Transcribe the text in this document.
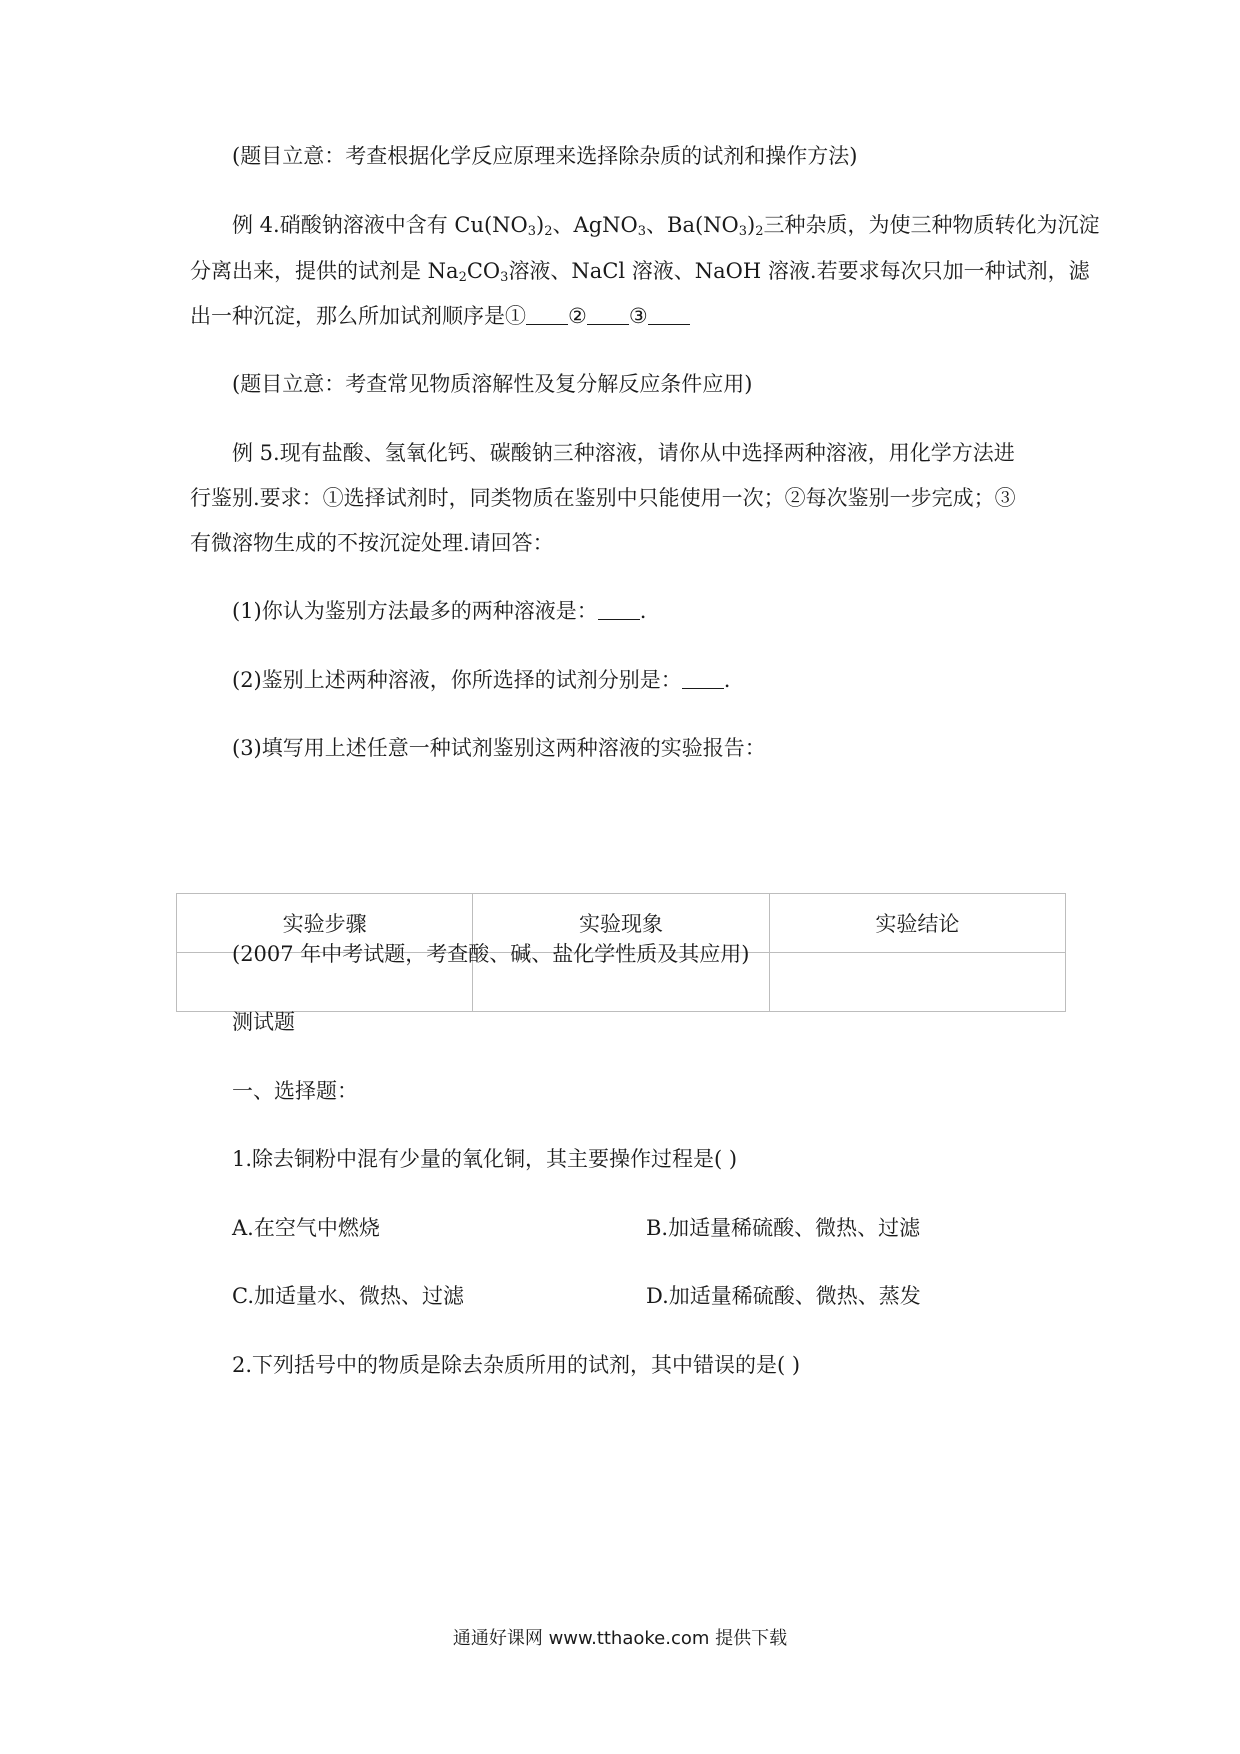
(题目立意：考查根据化学反应原理来选择除杂质的试剂和操作方法)

例 4.硝酸钠溶液中含有 $Cu(NO_3)_2$、AgNO$_3$、$Ba(NO_3)_2$三种杂质，为使三种物质转化为沉淀

分离出来，提供的试剂是 $Na_2CO_3$溶液、NaCl 溶液、NaOH 溶液.若要求每次只加一种试剂，滤

出一种沉淀，那么所加试剂顺序是① ② ③

(题目立意：考查常见物质溶解性及复分解反应条件应用)

例 5.现有盐酸、氢氧化钙、碳酸钠三种溶液，请你从中选择两种溶液，用化学方法进

行鉴别.要求：①选择试剂时，同类物质在鉴别中只能使用一次；②每次鉴别一步完成；③

有微溶物生成的不按沉淀处理.请回答：

(1)你认为鉴别方法最多的两种溶液是： .

(2)鉴别上述两种溶液，你所选择的试剂分别是： .

(3)填写用上述任意一种试剂鉴别这两种溶液的实验报告：

实验步骤	实验现象	实验结论

(2007 年中考试题，考查酸、碱、盐化学性质及其应用)

测试题

一、选择题：

1.除去铜粉中混有少量的氧化铜，其主要操作过程是( )

A.在空气中燃烧	B.加适量稀硫酸、微热、过滤

C.加适量水、微热、过滤	D.加适量稀硫酸、微热、蒸发

2.下列括号中的物质是除去杂质所用的试剂，其中错误的是( )

通通好课网 www.tthaoke.com 提供下载
